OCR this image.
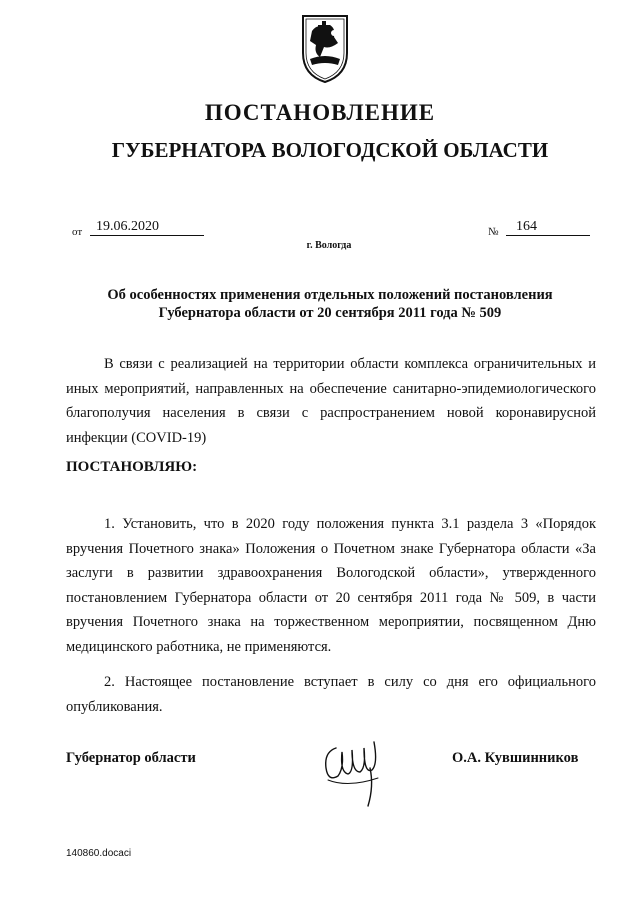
ПОСТАНОВЛЕНИЕ
ГУБЕРНАТОРА ВОЛОГОДСКОЙ ОБЛАСТИ
от 19.06.2020	№	164
г. Вологда
Об особенностях применения отдельных положений постановления Губернатора области от 20 сентября 2011 года № 509
В связи с реализацией на территории области комплекса ограничительных и иных мероприятий, направленных на обеспечение санитарно-эпидемиологического благополучия населения в связи с распространением новой коронавирусной инфекции (COVID-19)
ПОСТАНОВЛЯЮ:
1. Установить, что в 2020 году положения пункта 3.1 раздела 3 «Порядок вручения Почетного знака» Положения о Почетном знаке Губернатора области «За заслуги в развитии здравоохранения Вологодской области», утвержденного постановлением Губернатора области от 20 сентября 2011 года № 509, в части вручения Почетного знака на торжественном мероприятии, посвященном Дню медицинского работника, не применяются.
2. Настоящее постановление вступает в силу со дня его официального опубликования.
Губернатор области	О.А. Кувшинников
140860.docaci
